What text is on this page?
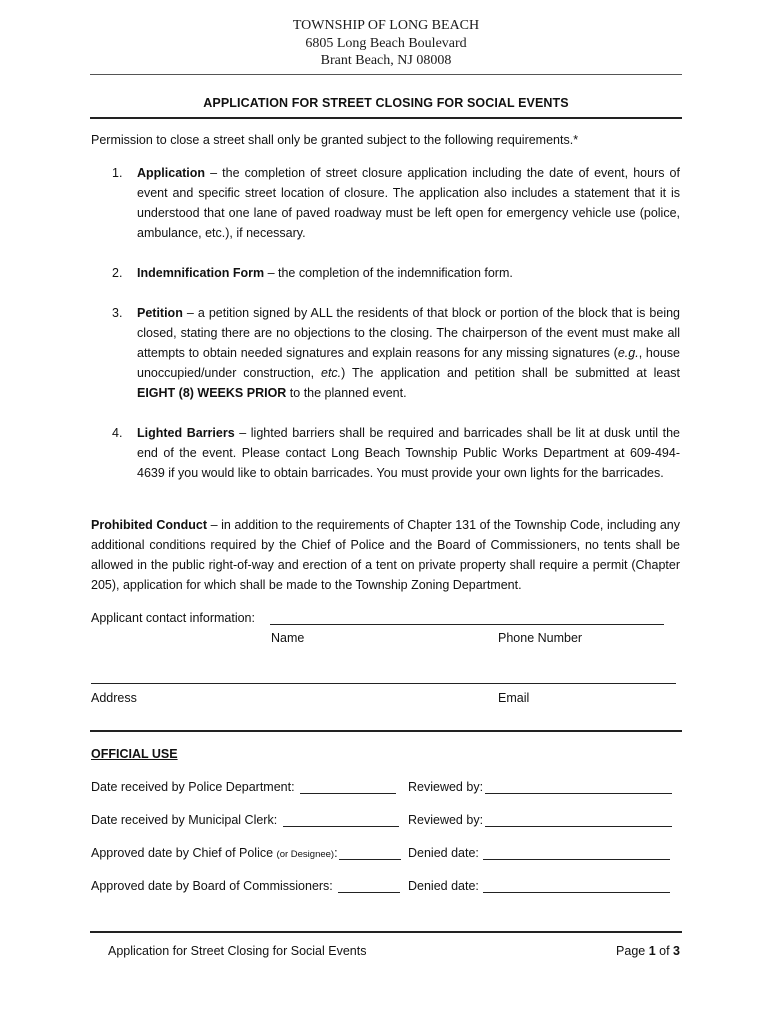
TOWNSHIP OF LONG BEACH
6805 Long Beach Boulevard
Brant Beach, NJ 08008
APPLICATION FOR STREET CLOSING FOR SOCIAL EVENTS
Permission to close a street shall only be granted subject to the following requirements.*
1.	Application – the completion of street closure application including the date of event, hours of event and specific street location of closure. The application also includes a statement that it is understood that one lane of paved roadway must be left open for emergency vehicle use (police, ambulance, etc.), if necessary.
2.	Indemnification Form – the completion of the indemnification form.
3.	Petition – a petition signed by ALL the residents of that block or portion of the block that is being closed, stating there are no objections to the closing. The chairperson of the event must make all attempts to obtain needed signatures and explain reasons for any missing signatures (e.g., house unoccupied/under construction, etc.) The application and petition shall be submitted at least EIGHT (8) WEEKS PRIOR to the planned event.
4.	Lighted Barriers – lighted barriers shall be required and barricades shall be lit at dusk until the end of the event. Please contact Long Beach Township Public Works Department at 609-494-4639 if you would like to obtain barricades. You must provide your own lights for the barricades.
Prohibited Conduct – in addition to the requirements of Chapter 131 of the Township Code, including any additional conditions required by the Chief of Police and the Board of Commissioners, no tents shall be allowed in the public right-of-way and erection of a tent on private property shall require a permit (Chapter 205), application for which shall be made to the Township Zoning Department.
Applicant contact information:
Name	Phone Number
Address	Email
OFFICIAL USE
Date received by Police Department:	Reviewed by:
Date received by Municipal Clerk:	Reviewed by:
Approved date by Chief of Police (or Designee):	Denied date:
Approved date by Board of Commissioners:	Denied date:
Application for Street Closing for Social Events	Page 1 of 3
